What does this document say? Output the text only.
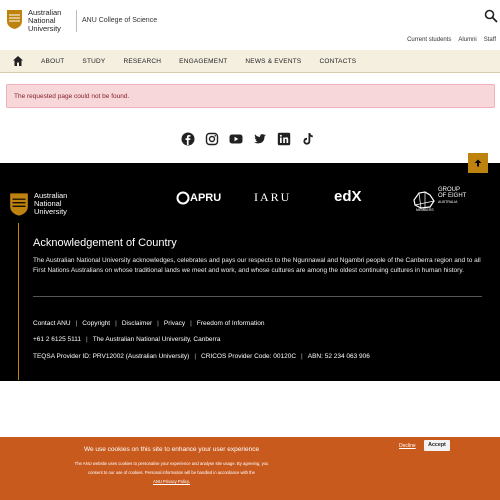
Australian
National
University
ANU College of Science
Current students Alumni Staff
ABOUT	STUDY	RESEARCH	ENGAGEMENT	NEWS & EVENTS	CONTACTS
The requested page could not be found.
Australian
National
University
APRU	IARU	edX	GROUP
OF EIGHT
AUSTRALIA
MEMBERS
Acknowledgement of Country
The Australian National University acknowledges, celebrates and pays our respects to the Ngunnawal and Ngambri people of the Canberra region and to all First Nations Australians on whose traditional lands we meet and work, and whose cultures are among the oldest continuing cultures in human history.
Contact ANU | Copyright | Disclaimer | Privacy | Freedom of Information
+61 2 6125 5111 | The Australian National University, Canberra
TEQSA Provider ID: PRV12002 (Australian University) | CRICOS Provider Code: 00120C | ABN: 52 234 063 906
We use cookies on this site to enhance your user experience
The ANU website uses cookies to personalise your experience and analyse site usage. By agreeing, you
consent to our use of cookies. Personal information will be handled in accordance with the
ANU Privacy Policy.
Decline	Accept
